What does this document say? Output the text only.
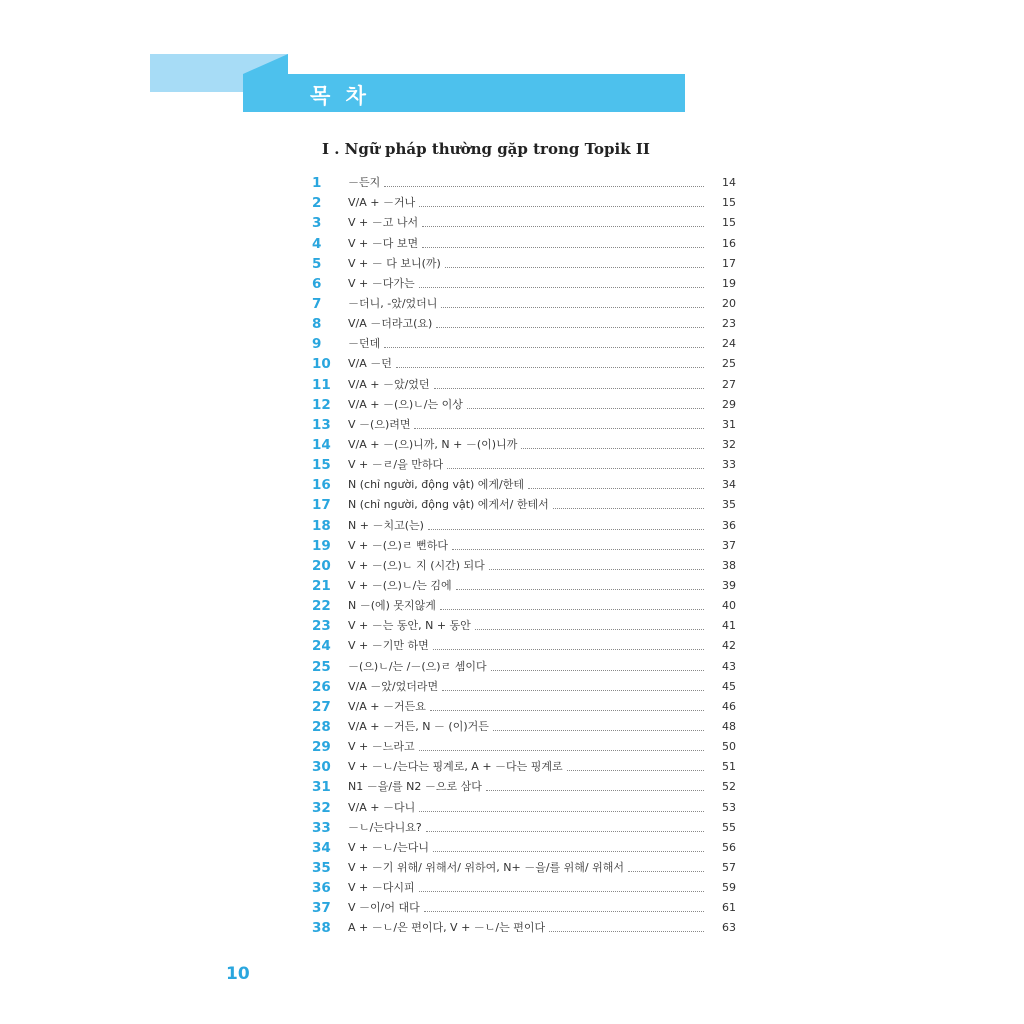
목 차
I . Ngữ pháp thường gặp trong Topik II
1	－든지	14
2	V/A + －거나	15
3	V + －고 나서	15
4	V + －다 보면	16
5	V + － 다 보니(까)	17
6	V + －다가는	19
7	－더니, -았/었더니	20
8	V/A －더라고(요)	23
9	－던데	24
10	V/A －던	25
11	V/A + －았/었던	27
12	V/A + －(으)ㄴ/는 이상	29
13	V －(으)려면	31
14	V/A + －(으)니까, N + －(이)니까	32
15	V + －ㄹ/을 만하다	33
16	N (chỉ người, động vật) 에게/한테	34
17	N (chỉ người, động vật) 에게서/ 한테서	35
18	N + －치고(는)	36
19	V + －(으)ㄹ 뻔하다	37
20	V + －(으)ㄴ 지 (시간) 되다	38
21	V + －(으)ㄴ/는 김에	39
22	N －(에) 못지않게	40
23	V + －는 동안, N + 동안	41
24	V + －기만 하면	42
25	－(으)ㄴ/는 /－(으)ㄹ 셈이다	43
26	V/A －았/었더라면	45
27	V/A + －거든요	46
28	V/A + －거든, N － (이)거든	48
29	V + －느라고	50
30	V + －ㄴ/는다는 핑계로, A + －다는 핑계로	51
31	N1 －을/를 N2 －으로 삼다	52
32	V/A + －다니	53
33	－ㄴ/는다니요?	55
34	V + －ㄴ/는다니	56
35	V + －기 위해/ 위해서/ 위하여, N+ －을/를 위해/ 위해서	57
36	V + －다시피	59
37	V －이/어 대다	61
38	A + －ㄴ/은 편이다, V + －ㄴ/는 편이다	63
10
